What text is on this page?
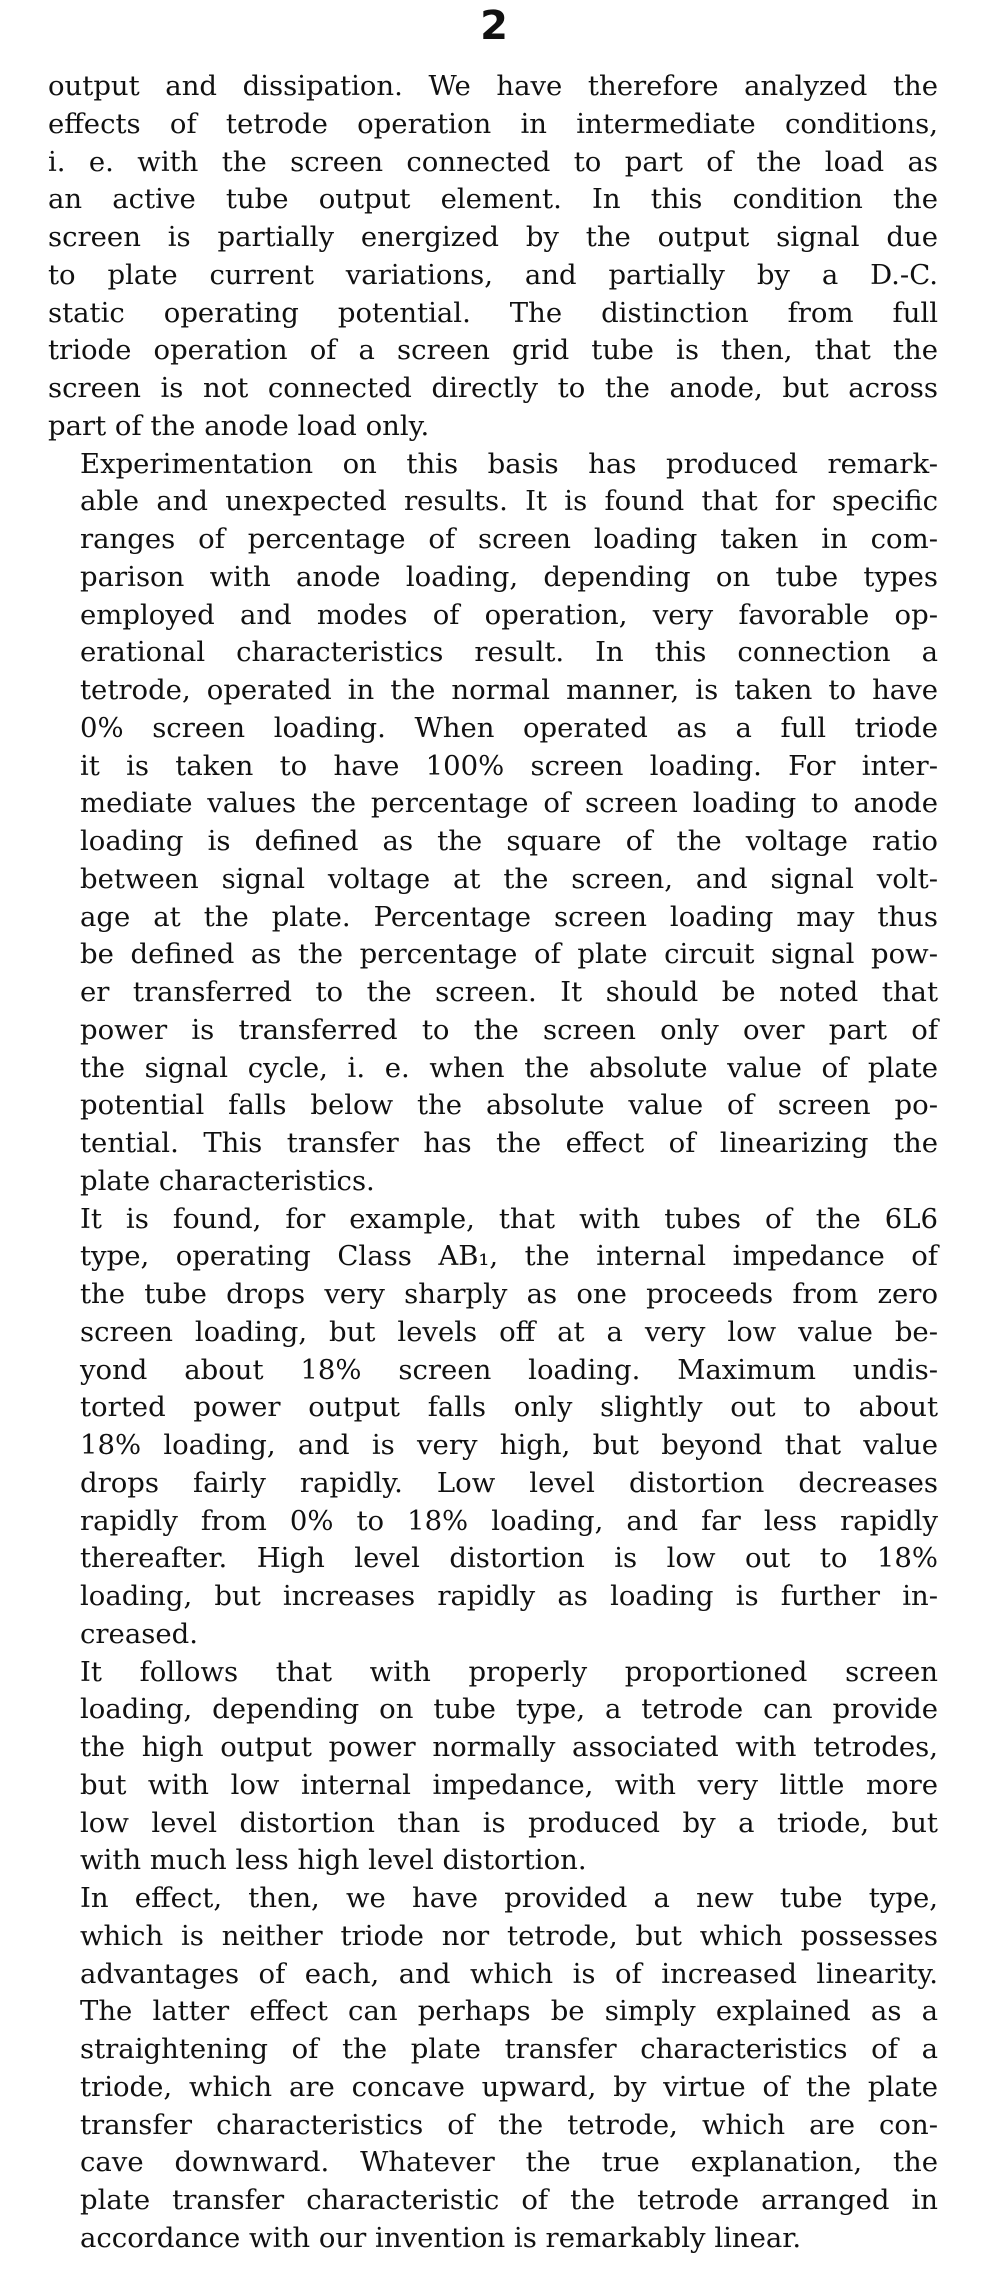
2
output and dissipation. We have therefore analyzed the
effects of tetrode operation in intermediate conditions,
i. e. with the screen connected to part of the load as
an active tube output element. In this condition the
screen is partially energized by the output signal due
to plate current variations, and partially by a D.-C.
static operating potential. The distinction from full
triode operation of a screen grid tube is then, that the
screen is not connected directly to the anode, but across
part of the anode load only.
Experimentation on this basis has produced remark-
able and unexpected results. It is found that for specific
ranges of percentage of screen loading taken in com-
parison with anode loading, depending on tube types
employed and modes of operation, very favorable op-
erational characteristics result. In this connection a
tetrode, operated in the normal manner, is taken to have
0% screen loading. When operated as a full triode
it is taken to have 100% screen loading. For inter-
mediate values the percentage of screen loading to anode
loading is defined as the square of the voltage ratio
between signal voltage at the screen, and signal volt-
age at the plate. Percentage screen loading may thus
be defined as the percentage of plate circuit signal pow-
er transferred to the screen. It should be noted that
power is transferred to the screen only over part of
the signal cycle, i. e. when the absolute value of plate
potential falls below the absolute value of screen po-
tential. This transfer has the effect of linearizing the
plate characteristics.
It is found, for example, that with tubes of the 6L6
type, operating Class AB₁, the internal impedance of
the tube drops very sharply as one proceeds from zero
screen loading, but levels off at a very low value be-
yond about 18% screen loading. Maximum undis-
torted power output falls only slightly out to about
18% loading, and is very high, but beyond that value
drops fairly rapidly. Low level distortion decreases
rapidly from 0% to 18% loading, and far less rapidly
thereafter. High level distortion is low out to 18%
loading, but increases rapidly as loading is further in-
creased.
It follows that with properly proportioned screen
loading, depending on tube type, a tetrode can provide
the high output power normally associated with tetrodes,
but with low internal impedance, with very little more
low level distortion than is produced by a triode, but
with much less high level distortion.
In effect, then, we have provided a new tube type,
which is neither triode nor tetrode, but which possesses
advantages of each, and which is of increased linearity.
The latter effect can perhaps be simply explained as a
straightening of the plate transfer characteristics of a
triode, which are concave upward, by virtue of the plate
transfer characteristics of the tetrode, which are con-
cave downward. Whatever the true explanation, the
plate transfer characteristic of the tetrode arranged in
accordance with our invention is remarkably linear.
